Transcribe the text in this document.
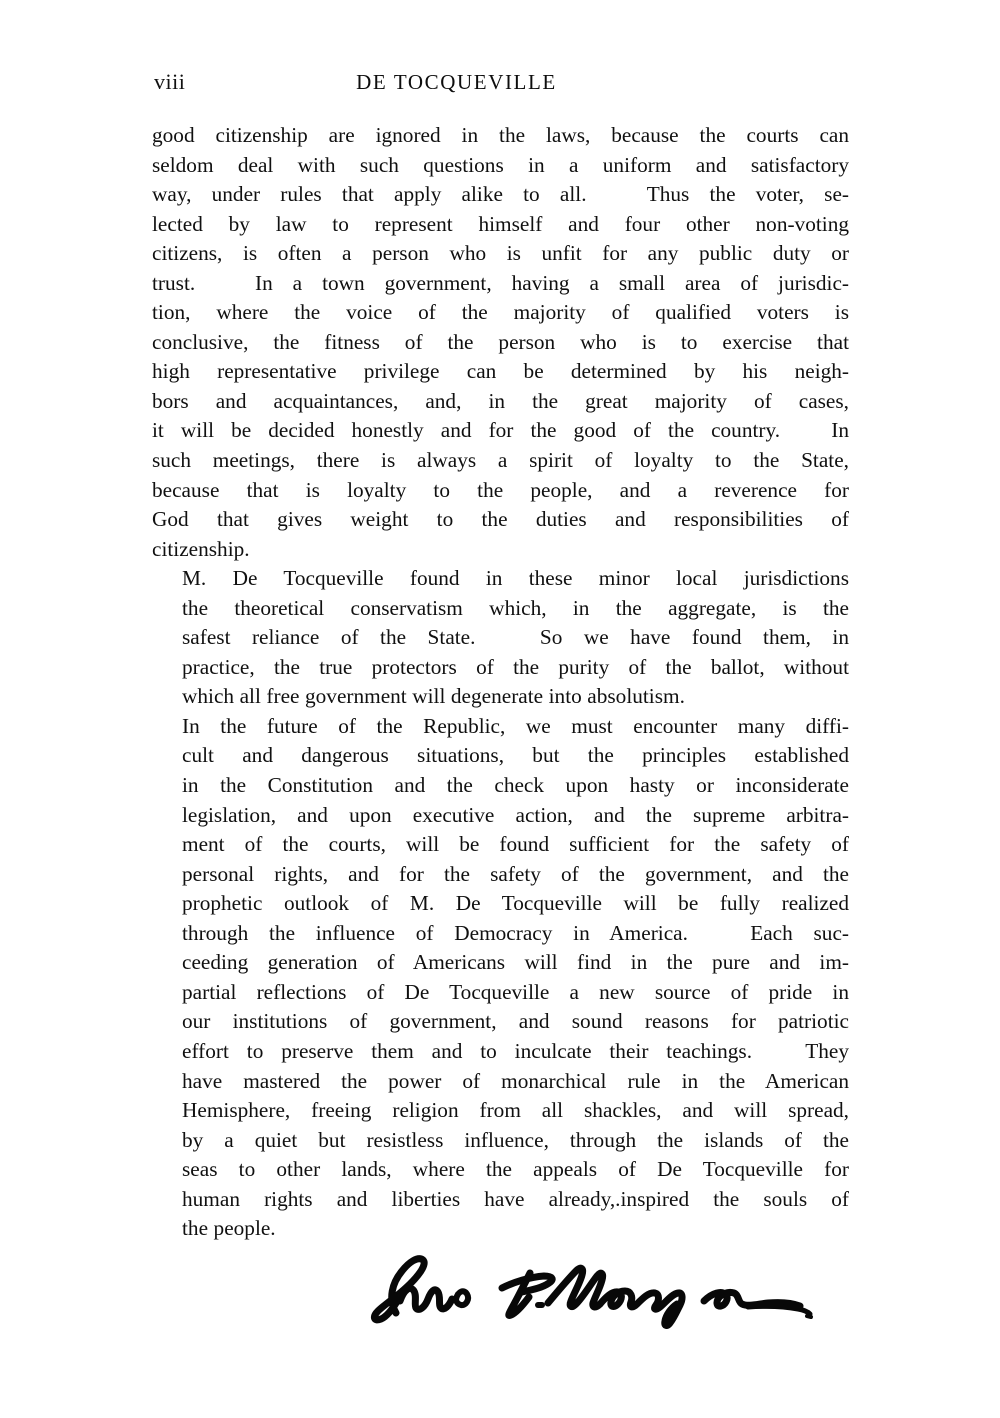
viii	DE TOCQUEVILLE

good citizenship are ignored in the laws, because the courts can
seldom deal with such questions in a uniform and satisfactory
way, under rules that apply alike to all.   Thus the voter, se-
lected by law to represent himself and four other non-voting
citizens, is often a person who is unfit for any public duty or
trust.   In a town government, having a small area of jurisdic-
tion, where the voice of the majority of qualified voters is
conclusive, the fitness of the person who is to exercise that
high representative privilege can be determined by his neigh-
bors and acquaintances, and, in the great majority of cases,
it will be decided honestly and for the good of the country.   In
such meetings, there is always a spirit of loyalty to the State,
because that is loyalty to the people, and a reverence for
God that gives weight to the duties and responsibilities of
citizenship.

M. De Tocqueville found in these minor local jurisdictions
the theoretical conservatism which, in the aggregate, is the
safest reliance of the State.   So we have found them, in
practice, the true protectors of the purity of the ballot, without
which all free government will degenerate into absolutism.

In the future of the Republic, we must encounter many diffi-
cult and dangerous situations, but the principles established
in the Constitution and the check upon hasty or inconsiderate
legislation, and upon executive action, and the supreme arbitra-
ment of the courts, will be found sufficient for the safety of
personal rights, and for the safety of the government, and the
prophetic outlook of M. De Tocqueville will be fully realized
through the influence of Democracy in America.   Each suc-
ceeding generation of Americans will find in the pure and im-
partial reflections of De Tocqueville a new source of pride in
our institutions of government, and sound reasons for patriotic
effort to preserve them and to inculcate their teachings.   They
have mastered the power of monarchical rule in the American
Hemisphere, freeing religion from all shackles, and will spread,
by a quiet but resistless influence, through the islands of the
seas to other lands, where the appeals of De Tocqueville for
human rights and liberties have already,.inspired the souls of
the people.
